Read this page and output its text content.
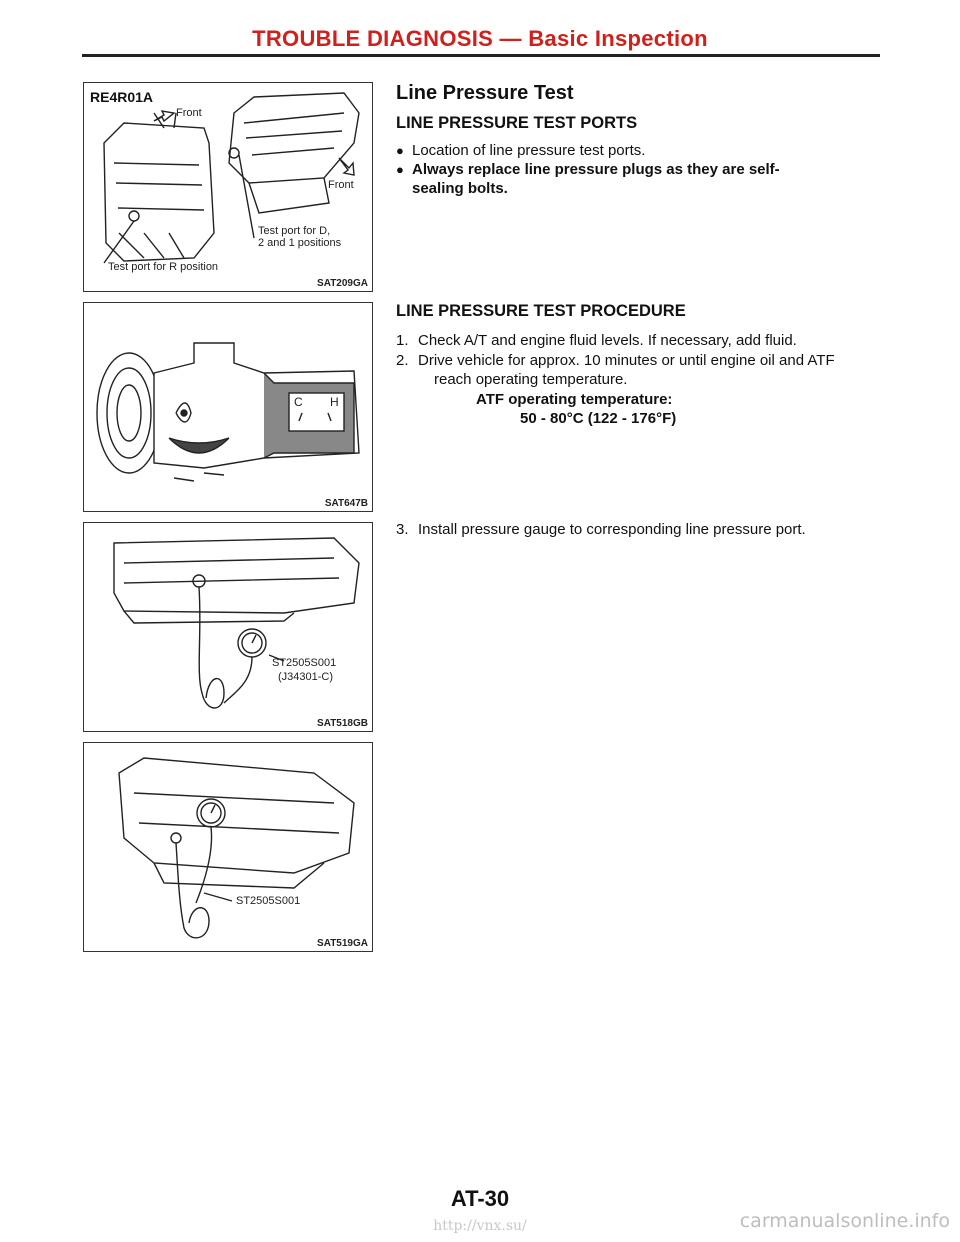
TROUBLE DIAGNOSIS — Basic Inspection
RE4R01A
Front
Front
Test port for D,
2 and 1 positions
Test port for R position
SAT209GA
C H
SAT647B
ST2505S001
(J34301-C)
SAT518GB
ST2505S001
SAT519GA
Line Pressure Test
LINE PRESSURE TEST PORTS
● Location of line pressure test ports.
● Always replace line pressure plugs as they are self-
sealing bolts.
LINE PRESSURE TEST PROCEDURE
1. Check A/T and engine fluid levels. If necessary, add fluid.
2. Drive vehicle for approx. 10 minutes or until engine oil and ATF
reach operating temperature.
ATF operating temperature:
50 - 80°C (122 - 176°F)
3. Install pressure gauge to corresponding line pressure port.
AT-30
http://vnx.su/	carmanualsonline.info
